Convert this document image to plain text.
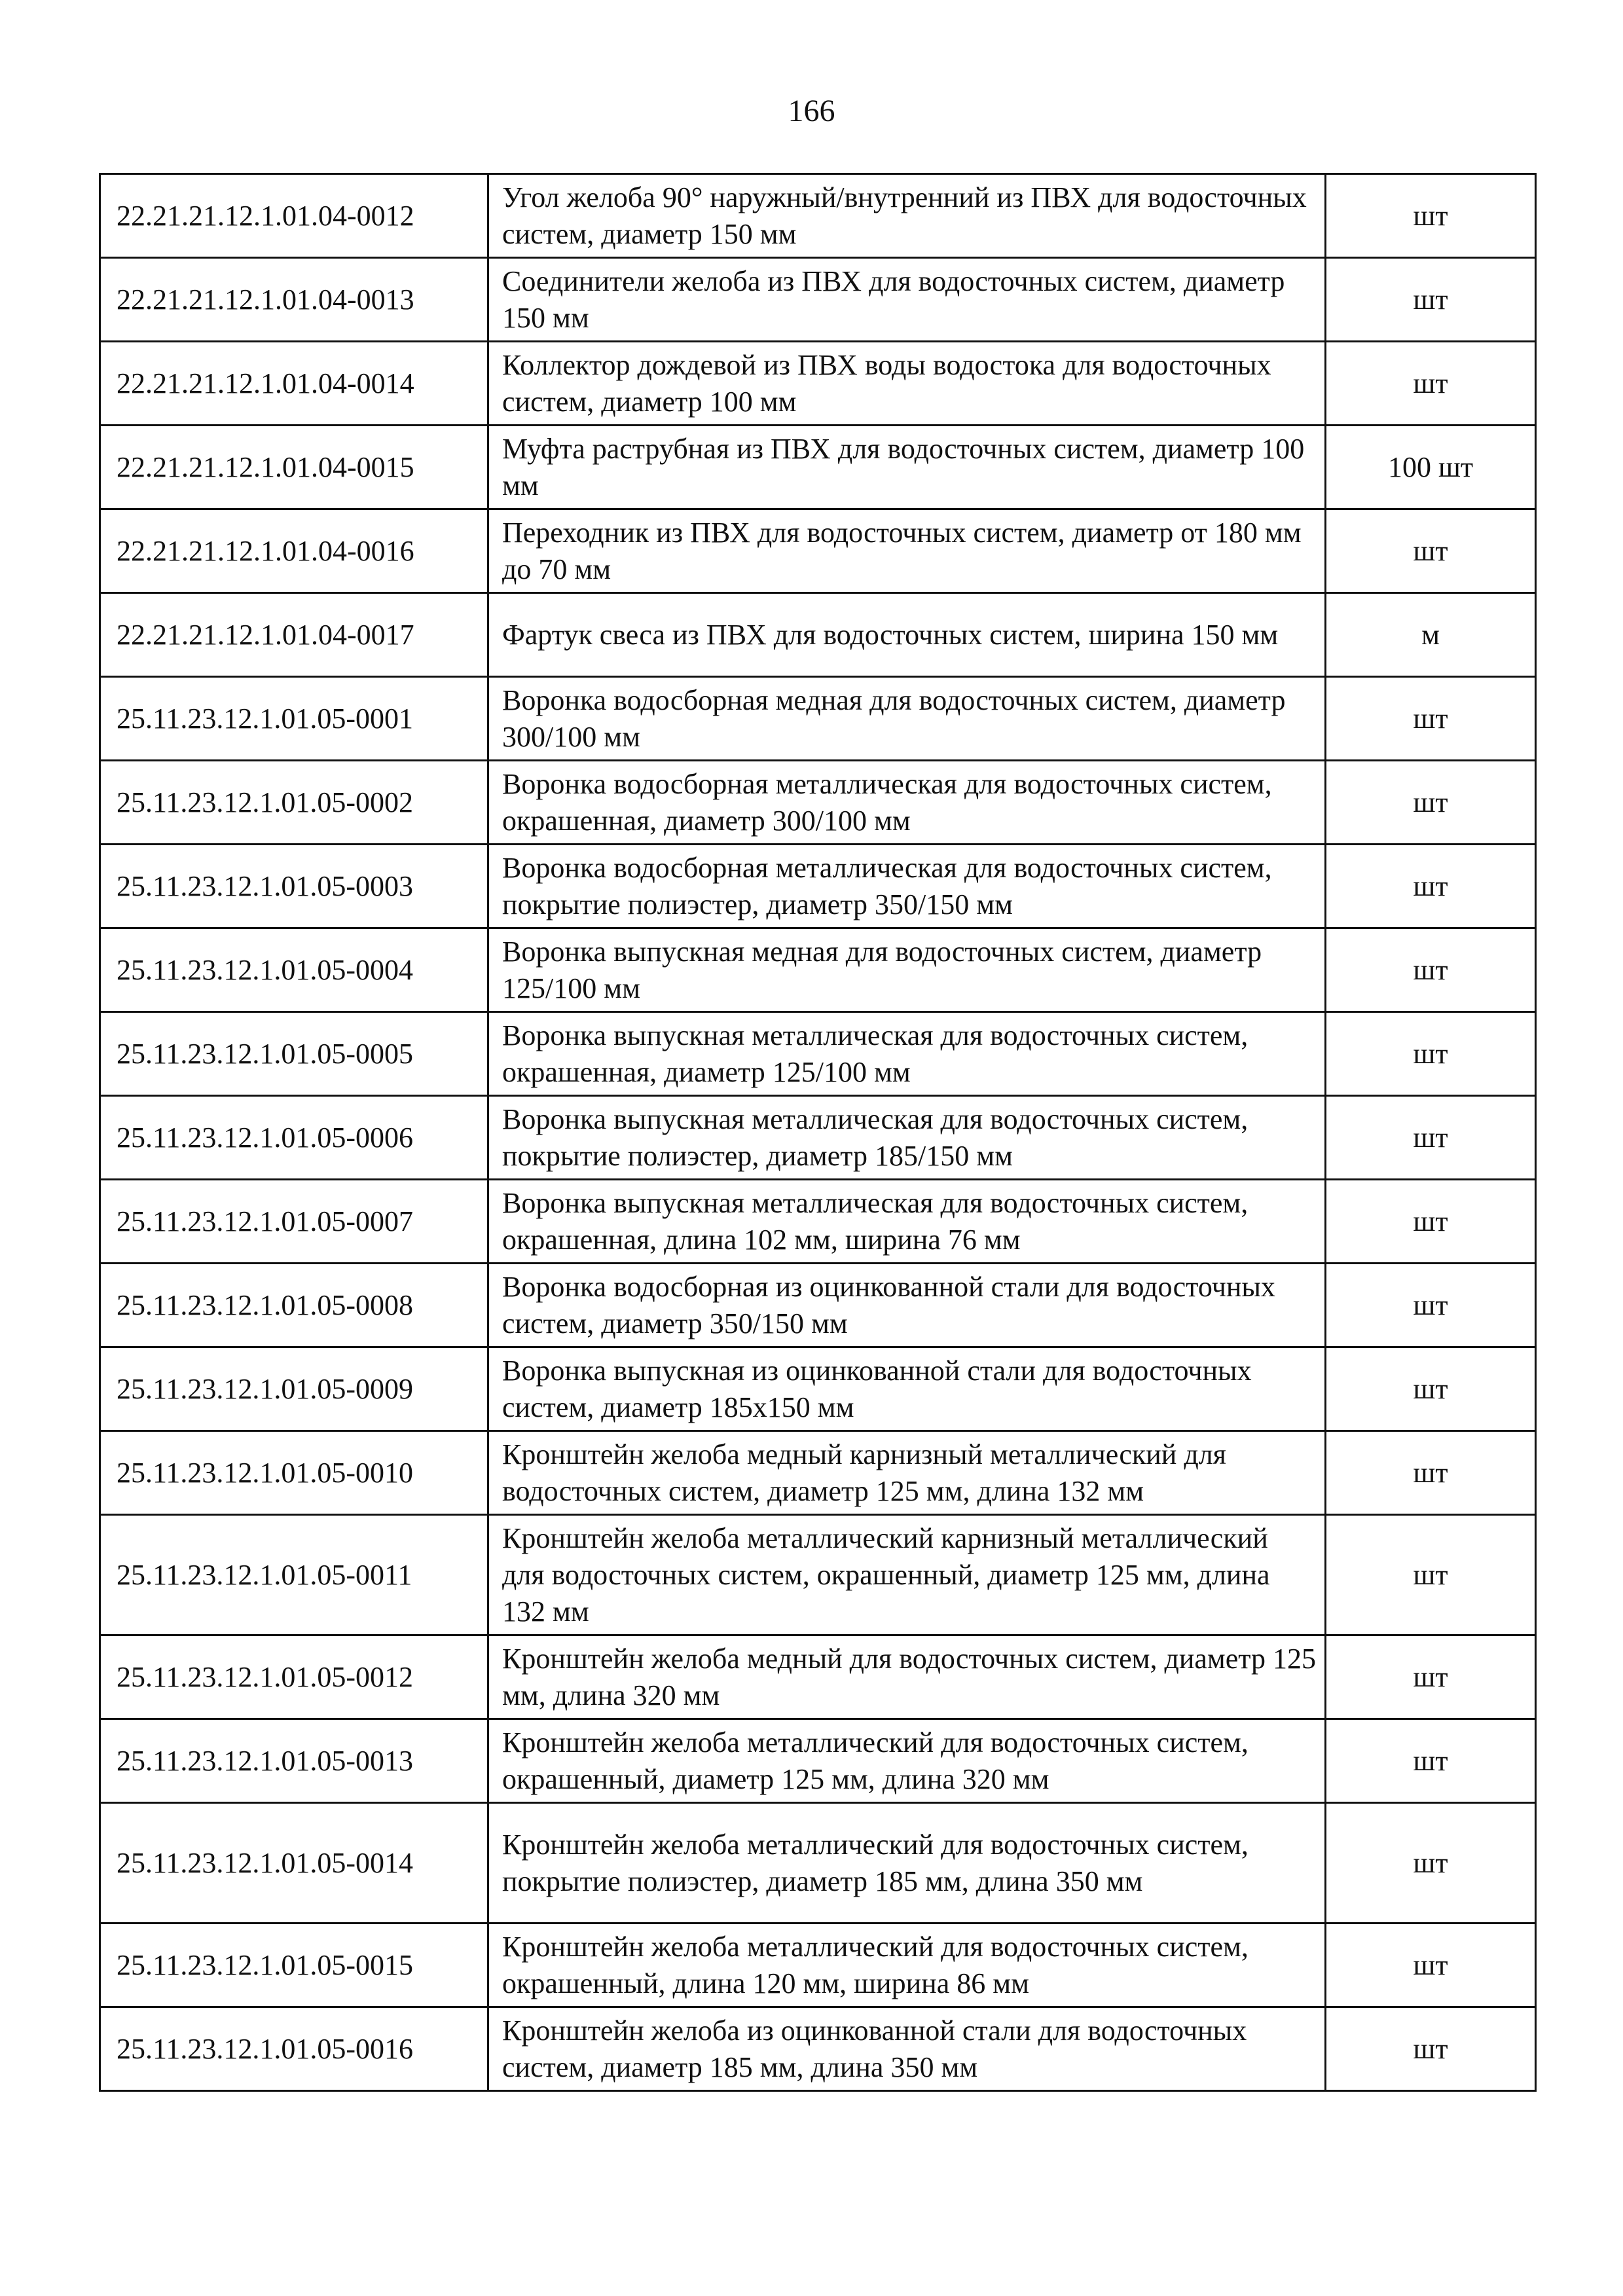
166
22.21.21.12.1.01.04-0012	Угол желоба 90° наружный/внутренний из ПВХ для водосточных систем, диаметр 150 мм	шт
22.21.21.12.1.01.04-0013	Соединители желоба из ПВХ для водосточных систем, диаметр 150 мм	шт
22.21.21.12.1.01.04-0014	Коллектор дождевой из ПВХ воды водостока для водосточных систем, диаметр 100 мм	шт
22.21.21.12.1.01.04-0015	Муфта раструбная из ПВХ для водосточных систем, диаметр 100 мм	100 шт
22.21.21.12.1.01.04-0016	Переходник из ПВХ для водосточных систем, диаметр от 180 мм до 70 мм	шт
22.21.21.12.1.01.04-0017	Фартук свеса из ПВХ для водосточных систем, ширина 150 мм	м
25.11.23.12.1.01.05-0001	Воронка водосборная медная для водосточных систем, диаметр 300/100 мм	шт
25.11.23.12.1.01.05-0002	Воронка водосборная металлическая для водосточных систем, окрашенная, диаметр 300/100 мм	шт
25.11.23.12.1.01.05-0003	Воронка водосборная металлическая для водосточных систем, покрытие полиэстер, диаметр 350/150 мм	шт
25.11.23.12.1.01.05-0004	Воронка выпускная медная для водосточных систем, диаметр 125/100 мм	шт
25.11.23.12.1.01.05-0005	Воронка выпускная металлическая для водосточных систем, окрашенная, диаметр 125/100 мм	шт
25.11.23.12.1.01.05-0006	Воронка выпускная металлическая для водосточных систем, покрытие полиэстер, диаметр 185/150 мм	шт
25.11.23.12.1.01.05-0007	Воронка выпускная металлическая для водосточных систем, окрашенная, длина 102 мм, ширина 76 мм	шт
25.11.23.12.1.01.05-0008	Воронка водосборная из оцинкованной стали для водосточных систем, диаметр 350/150 мм	шт
25.11.23.12.1.01.05-0009	Воронка выпускная из оцинкованной стали для водосточных систем, диаметр 185x150 мм	шт
25.11.23.12.1.01.05-0010	Кронштейн желоба медный карнизный металлический для водосточных систем, диаметр 125 мм, длина 132 мм	шт
25.11.23.12.1.01.05-0011	Кронштейн желоба металлический карнизный металлический для водосточных систем, окрашенный, диаметр 125 мм, длина 132 мм	шт
25.11.23.12.1.01.05-0012	Кронштейн желоба медный для водосточных систем, диаметр 125 мм, длина 320 мм	шт
25.11.23.12.1.01.05-0013	Кронштейн желоба металлический для водосточных систем, окрашенный, диаметр 125 мм, длина 320 мм	шт
25.11.23.12.1.01.05-0014	Кронштейн желоба металлический для водосточных систем, покрытие полиэстер, диаметр 185 мм, длина 350 мм	шт
25.11.23.12.1.01.05-0015	Кронштейн желоба металлический для водосточных систем, окрашенный, длина 120 мм, ширина 86 мм	шт
25.11.23.12.1.01.05-0016	Кронштейн желоба из оцинкованной стали для водосточных систем, диаметр 185 мм, длина 350 мм	шт
